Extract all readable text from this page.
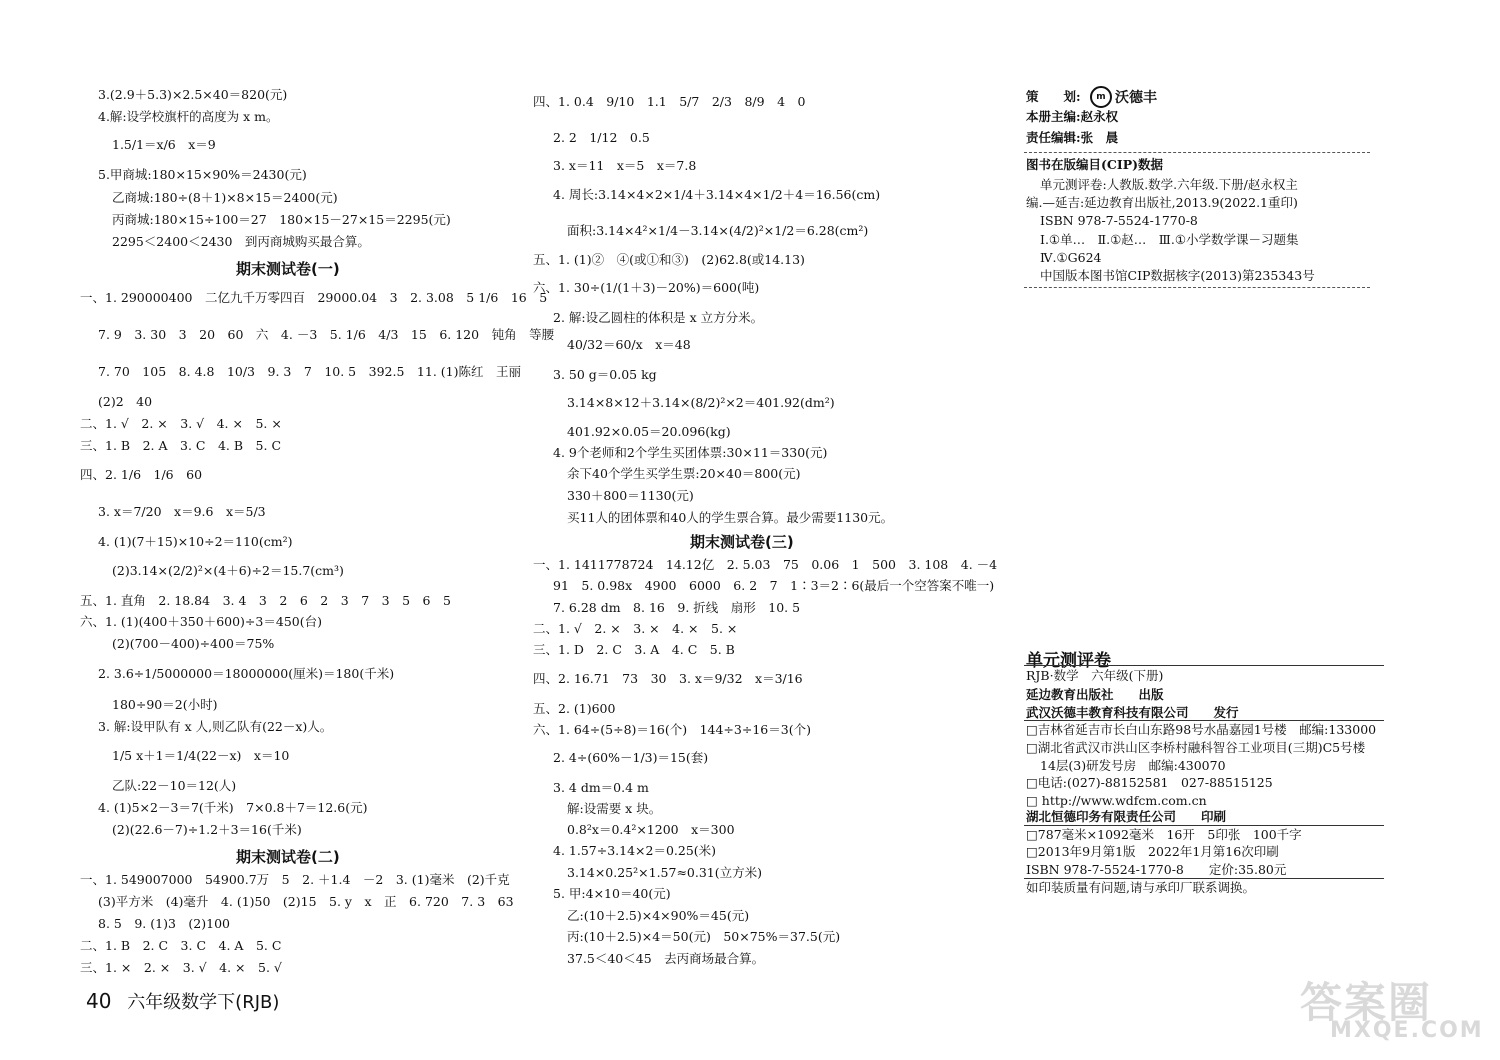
3.(2.9＋5.3)×2.5×40＝820(元)
4.解:设学校旗杆的高度为 x m。
1.5/1＝x/6　x＝9
5.甲商城:180×15×90%＝2430(元)
乙商城:180÷(8＋1)×8×15＝2400(元)
丙商城:180×15÷100＝27　180×15－27×15＝2295(元)
2295＜2400＜2430　到丙商城购买最合算。
一、1. 290000400　二亿九千万零四百　29000.04　3　2. 3.08　5 1/6　16　5
7. 9　3. 30　3　20　60　六　4. －3　5. 1/6　4/3　15　6. 120　钝角　等腰
7. 70　105　8. 4.8　10/3　9. 3　7　10. 5　392.5　11. (1)陈红　王丽
(2)2　40
二、1. √　2. ×　3. √　4. ×　5. ×
三、1. B　2. A　3. C　4. B　5. C
四、2. 1/6　1/6　60
3. x＝7/20　x＝9.6　x＝5/3
4. (1)(7＋15)×10÷2＝110(cm²)
(2)3.14×(2/2)²×(4＋6)÷2＝15.7(cm³)
五、1. 直角　2. 18.84　3. 4　3　2　6　2　3　7　3　5　6　5
六、1. (1)(400＋350＋600)÷3＝450(台)
(2)(700－400)÷400＝75%
2. 3.6÷1/5000000＝18000000(厘米)＝180(千米)
180÷90＝2(小时)
3. 解:设甲队有 x 人,则乙队有(22－x)人。
1/5 x＋1＝1/4(22－x)　x＝10
乙队:22－10＝12(人)
4. (1)5×2－3＝7(千米)　7×0.8＋7＝12.6(元)
(2)(22.6－7)÷1.2＋3＝16(千米)
一、1. 549007000　54900.7万　5　2. ＋1.4　－2　3. (1)毫米　(2)千克
(3)平方米　(4)毫升　4. (1)50　(2)15　5. y　x　正　6. 720　7. 3　63
8. 5　9. (1)3　(2)100
二、1. B　2. C　3. C　4. A　5. C
三、1. ×　2. ×　3. √　4. ×　5. √
四、1. 0.4　9/10　1.1　5/7　2/3　8/9　4　0
2. 2　1/12　0.5
3. x＝11　x＝5　x＝7.8
4. 周长:3.14×4×2×1/4＋3.14×4×1/2＋4＝16.56(cm)
面积:3.14×4²×1/4－3.14×(4/2)²×1/2＝6.28(cm²)
五、1. (1)②　④(或①和③)　(2)62.8(或14.13)
六、1. 30÷(1/(1＋3)－20%)＝600(吨)
2. 解:设乙圆柱的体积是 x 立方分米。
40/32＝60/x　x＝48
3. 50 g＝0.05 kg
3.14×8×12＋3.14×(8/2)²×2＝401.92(dm²)
401.92×0.05＝20.096(kg)
4. 9个老师和2个学生买团体票:30×11＝330(元)
余下40个学生买学生票:20×40＝800(元)
330＋800＝1130(元)
买11人的团体票和40人的学生票合算。最少需要1130元。
一、1. 1411778724　14.12亿　2. 5.03　75　0.06　1　500　3. 108　4. －4
91　5. 0.98x　4900　6000　6. 2　7　1∶3＝2∶6(最后一个空答案不唯一)
7. 6.28 dm　8. 16　9. 折线　扇形　10. 5
二、1. √　2. ×　3. ×　4. ×　5. ×
三、1. D　2. C　3. A　4. C　5. B
四、2. 16.71　73　30　3. x＝9/32　x＝3/16
五、2. (1)600
六、1. 64÷(5÷8)＝16(个)　144÷3÷16＝3(个)
2. 4÷(60%－1/3)＝15(套)
3. 4 dm＝0.4 m
解:设需要 x 块。
0.8²x＝0.4²×1200　x＝300
4. 1.57÷3.14×2＝0.25(米)
3.14×0.25²×1.57≈0.31(立方米)
5. 甲:4×10＝40(元)
乙:(10＋2.5)×4×90%＝45(元)
丙:(10＋2.5)×4＝50(元)　50×75%＝37.5(元)
37.5＜40＜45　去丙商场最合算。
期末测试卷(一)
期末测试卷(二)
期末测试卷(三)
策　　划:
本册主编:赵永权
责任编辑:张　晨
图书在版编目(CIP)数据
单元测评卷:人教版.数学.六年级.下册/赵永权主
编.—延吉:延边教育出版社,2013.9(2022.1重印)
ISBN 978-7-5524-1770-8
Ⅰ.①单…　Ⅱ.①赵…　Ⅲ.①小学数学课－习题集
Ⅳ.①G624
中国版本图书馆CIP数据核字(2013)第235343号
RJB·数学　六年级(下册)
延边教育出版社　　出版
武汉沃德丰教育科技有限公司　　发行
□吉林省延吉市长白山东路98号水晶嘉园1号楼　邮编:133000
□湖北省武汉市洪山区李桥村融科智谷工业项目(三期)C5号楼
14层(3)研发号房　邮编:430070
□电话:(027)-88152581　027-88515125
□ http://www.wdfcm.com.cn
湖北恒德印务有限责任公司　　印刷
□787毫米×1092毫米　16开　5印张　100千字
□2013年9月第1版　2022年1月第16次印刷
ISBN 978-7-5524-1770-8　　定价:35.80元
如印装质量有问题,请与承印厂联系调换。
m 沃德丰
单元测评卷
40 六年级数学下(RJB)	答案圈
MXQE.COM
